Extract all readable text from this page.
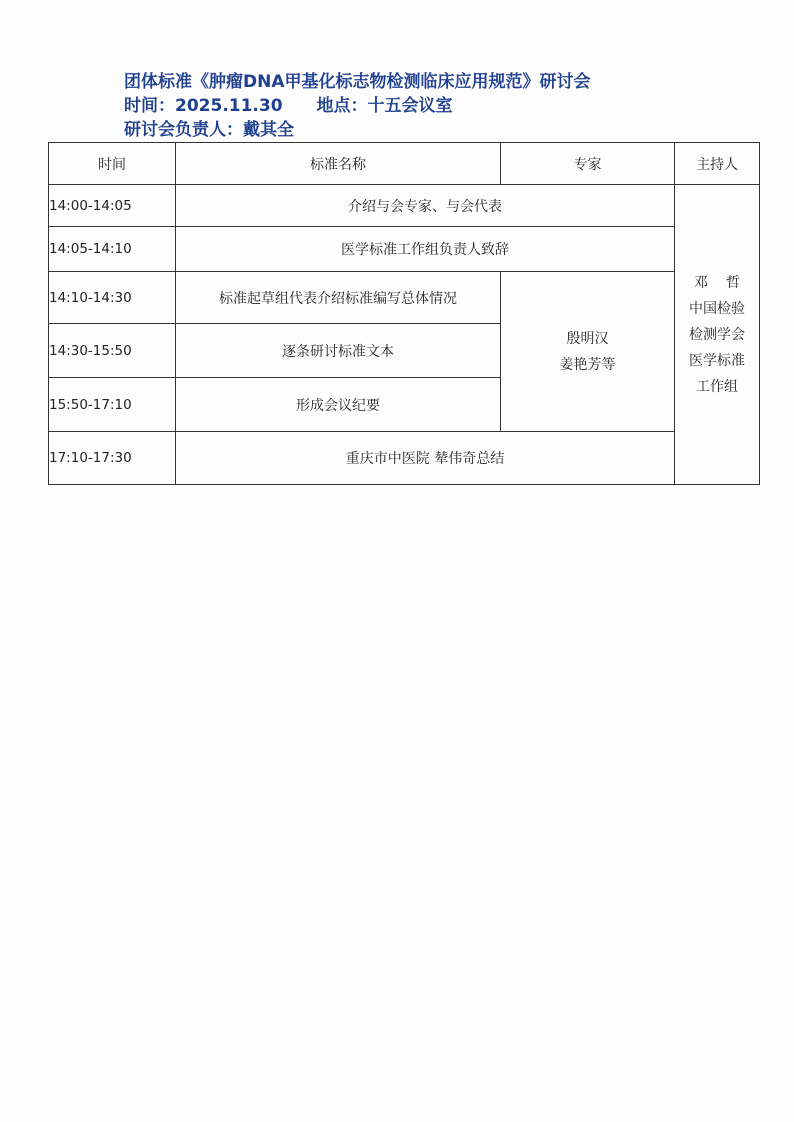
团体标准《肿瘤DNA甲基化标志物检测临床应用规范》研讨会
时间：2025.11.30 地点：十五会议室
研讨会负责人：戴其全
时间	标准名称	专家	主持人
14:00-14:05	介绍与会专家、与会代表		邓哲
中国检验
检测学会
医学标准
工作组

14:05-14:10	医学标准工作组负责人致辞		
14:10-14:30	标准起草组代表介绍标准编写总体情况	殷明汉
姜艳芳等	

14:30-15:50	逐条研讨标准文本		
15:50-17:10	形成会议纪要		
17:10-17:30	重庆市中医院 辇伟奇总结		
